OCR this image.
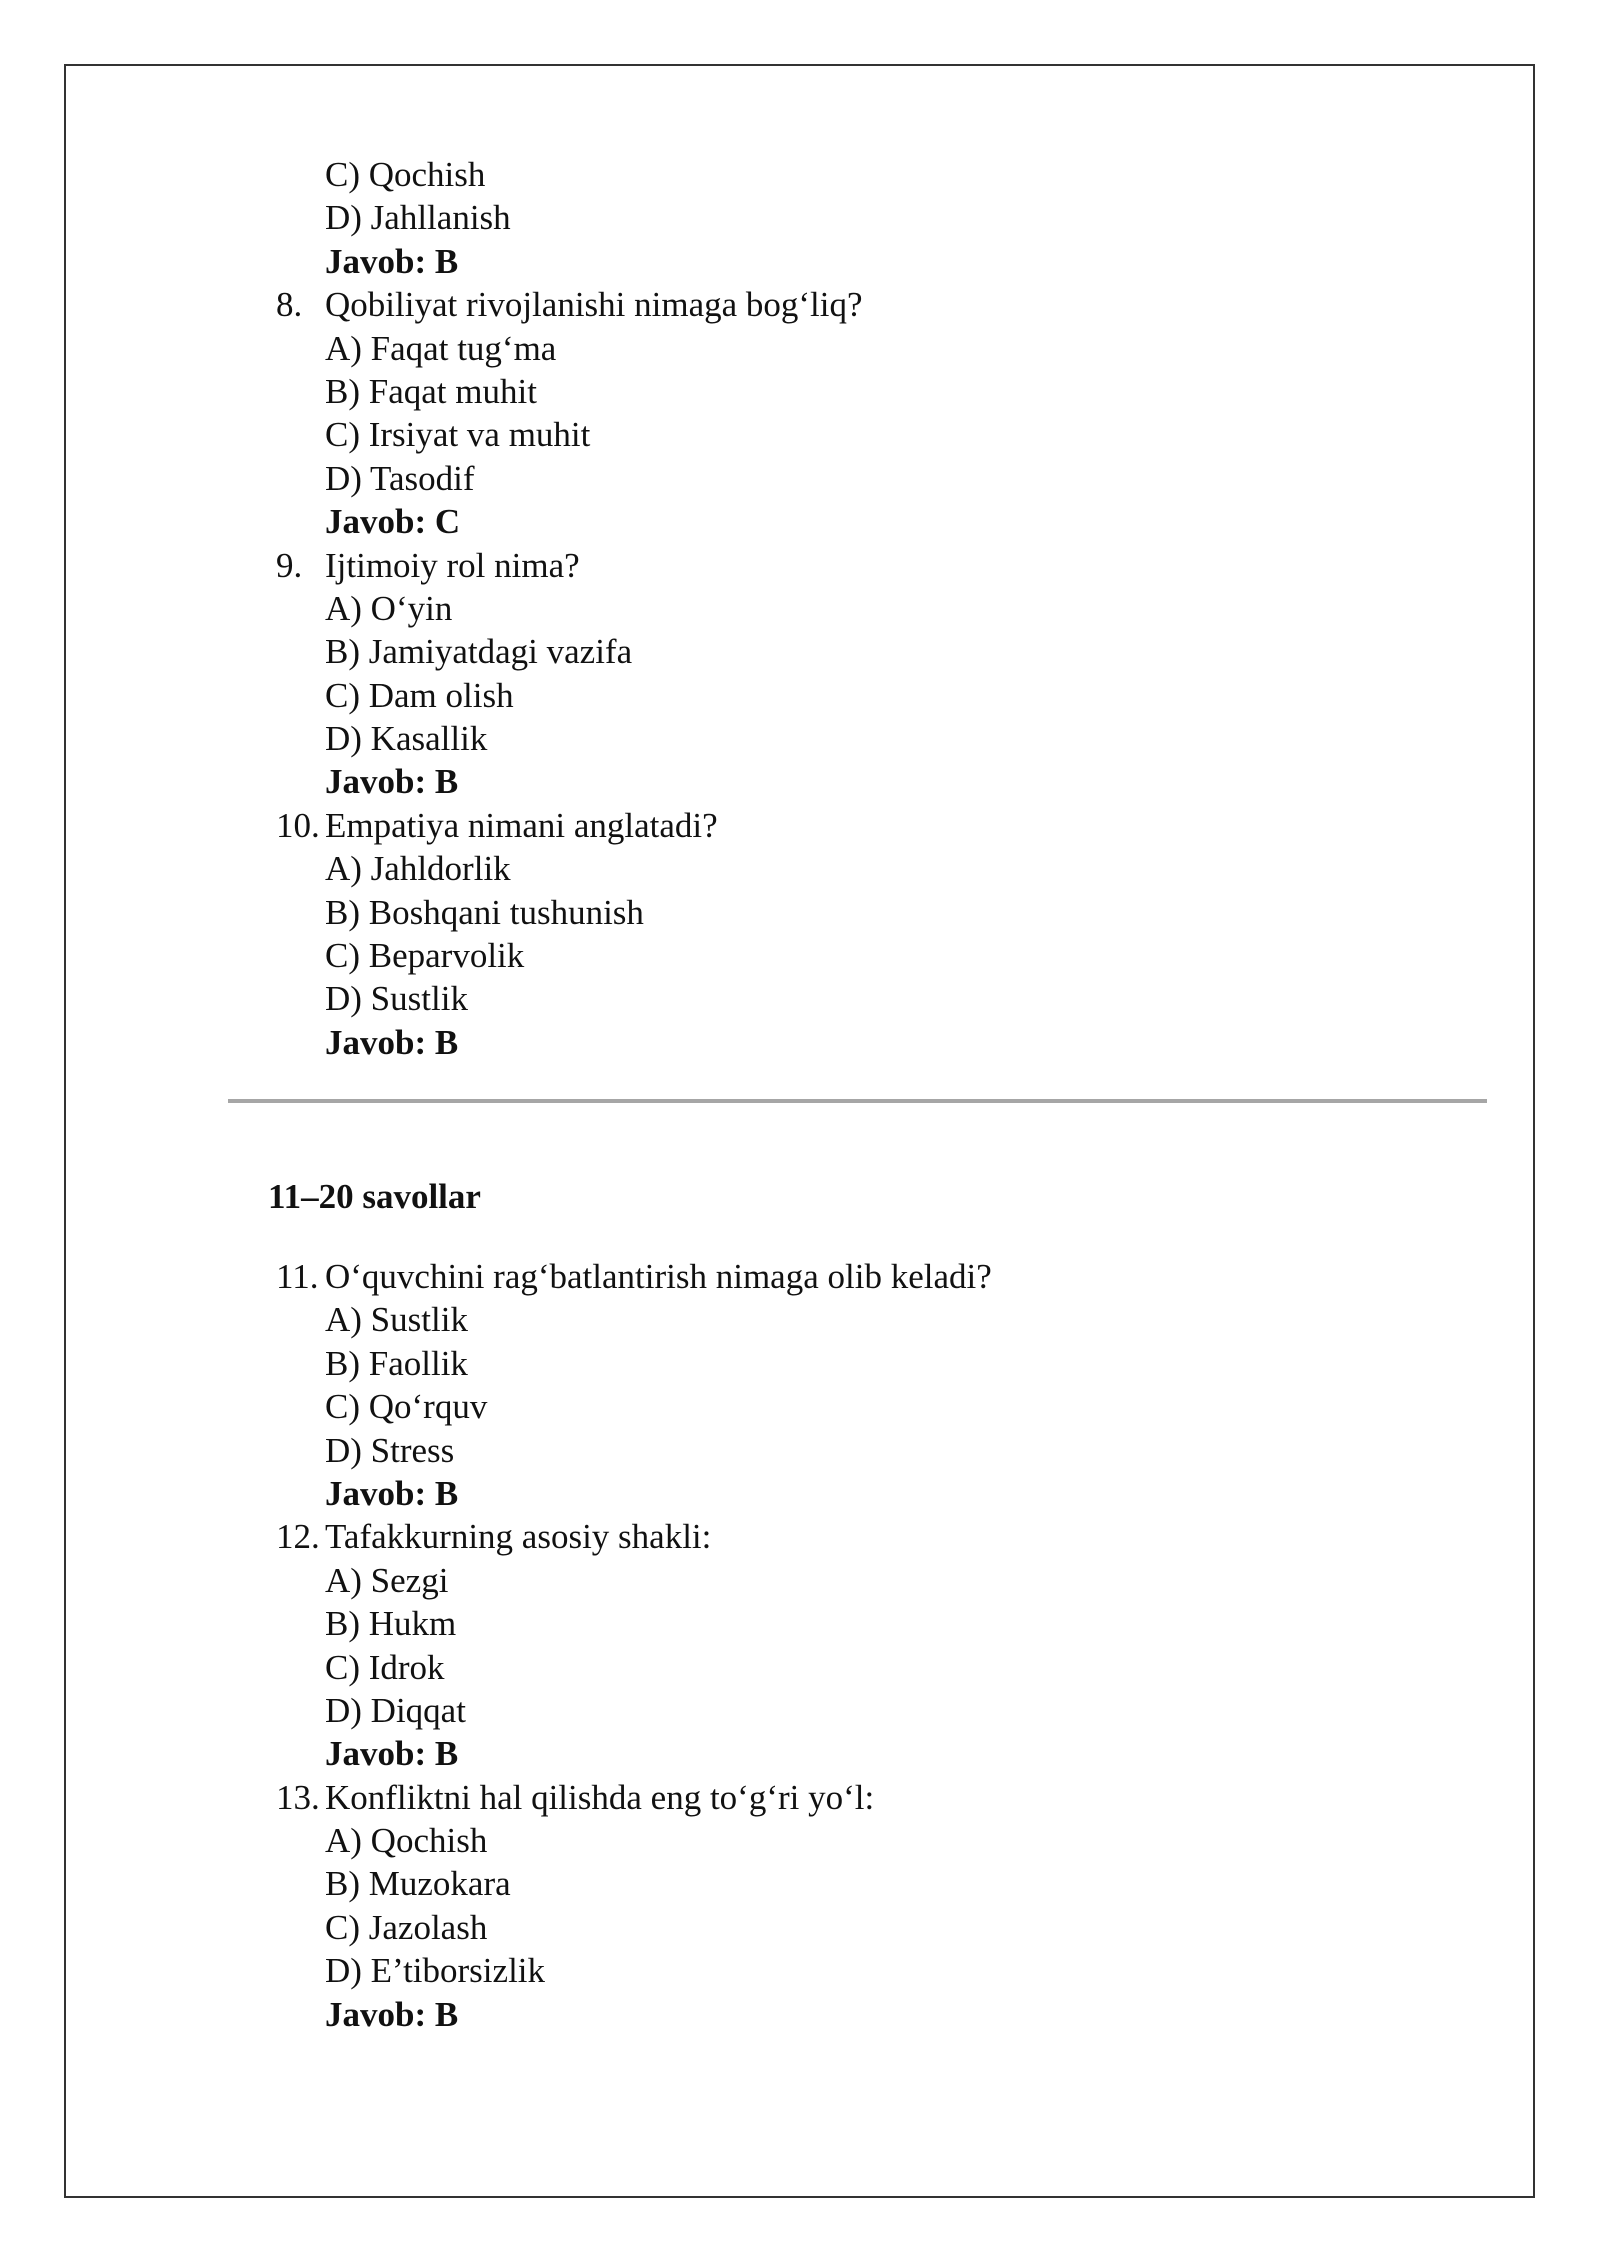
C) Qochish
D) Jahllanish
Javob: B
8. Qobiliyat rivojlanishi nimaga bog‘liq?
A) Faqat tug‘ma
B) Faqat muhit
C) Irsiyat va muhit
D) Tasodif
Javob: C
9. Ijtimoiy rol nima?
A) O‘yin
B) Jamiyatdagi vazifa
C) Dam olish
D) Kasallik
Javob: B
10. Empatiya nimani anglatadi?
A) Jahldorlik
B) Boshqani tushunish
C) Beparvolik
D) Sustlik
Javob: B
11–20 savollar
11. O‘quvchini rag‘batlantirish nimaga olib keladi?
A) Sustlik
B) Faollik
C) Qo‘rquv
D) Stress
Javob: B
12. Tafakkurning asosiy shakli:
A) Sezgi
B) Hukm
C) Idrok
D) Diqqat
Javob: B
13. Konfliktni hal qilishda eng to‘g‘ri yo‘l:
A) Qochish
B) Muzokara
C) Jazolash
D) E’tiborsizlik
Javob: B
